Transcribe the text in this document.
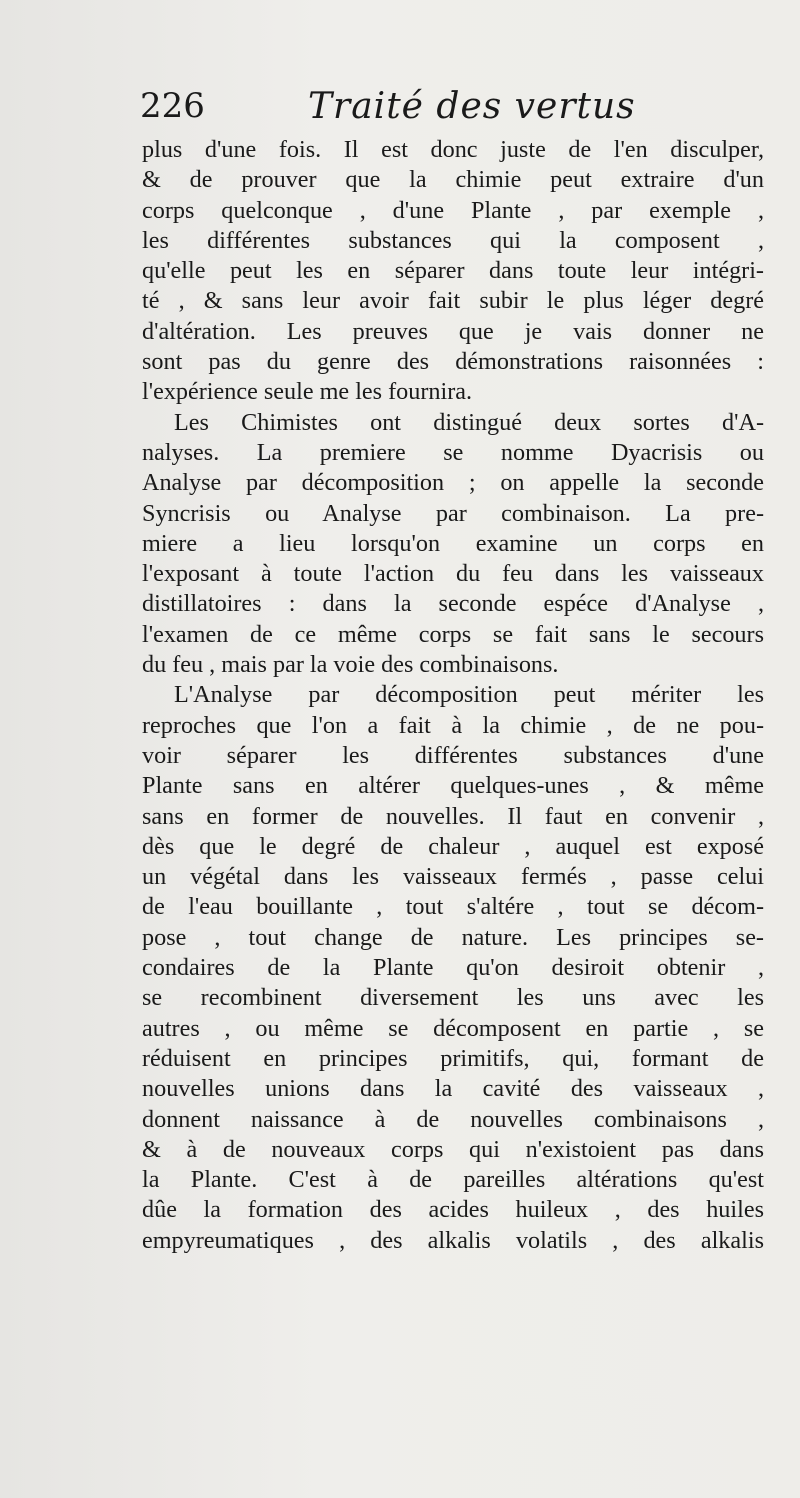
226	Traité des vertus
plus d'une fois. Il est donc juste de l'en disculper,
& de prouver que la chimie peut extraire d'un
corps quelconque , d'une Plante , par exemple ,
les différentes substances qui la composent ,
qu'elle peut les en séparer dans toute leur intégri-
té , & sans leur avoir fait subir le plus léger degré
d'altération. Les preuves que je vais donner ne
sont pas du genre des démonstrations raisonnées :
l'expérience seule me les fournira.
Les Chimistes ont distingué deux sortes d'A-
nalyses. La premiere se nomme Dyacrisis ou
Analyse par décomposition ; on appelle la seconde
Syncrisis ou Analyse par combinaison. La pre-
miere a lieu lorsqu'on examine un corps en
l'exposant à toute l'action du feu dans les vaisseaux
distillatoires : dans la seconde espéce d'Analyse ,
l'examen de ce même corps se fait sans le secours
du feu , mais par la voie des combinaisons.
L'Analyse par décomposition peut mériter les
reproches que l'on a fait à la chimie , de ne pou-
voir séparer les différentes substances d'une
Plante sans en altérer quelques-unes , & même
sans en former de nouvelles. Il faut en convenir ,
dès que le degré de chaleur , auquel est exposé
un végétal dans les vaisseaux fermés , passe celui
de l'eau bouillante , tout s'altére , tout se décom-
pose , tout change de nature. Les principes se-
condaires de la Plante qu'on desiroit obtenir ,
se recombinent diversement les uns avec les
autres , ou même se décomposent en partie , se
réduisent en principes primitifs, qui, formant de
nouvelles unions dans la cavité des vaisseaux ,
donnent naissance à de nouvelles combinaisons ,
& à de nouveaux corps qui n'existoient pas dans
la Plante. C'est à de pareilles altérations qu'est
dûe la formation des acides huileux , des huiles
empyreumatiques , des alkalis volatils , des alkalis
